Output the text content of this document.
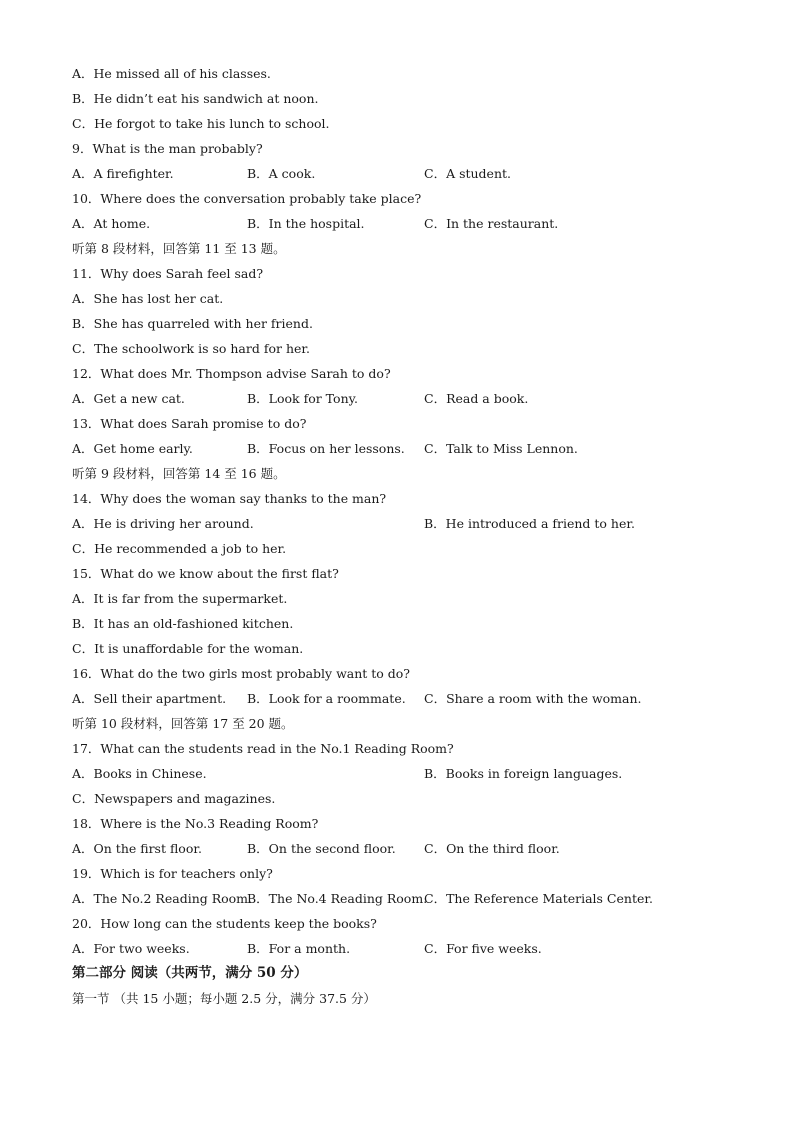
A．He missed all of his classes.
B．He didn’t eat his sandwich at noon.
C．He forgot to take his lunch to school.
9．What is the man probably?
A．A firefighter.	B．A cook.	C．A student.
10．Where does the conversation probably take place?
A．At home.	B．In the hospital.	C．In the restaurant.
听第 8 段材料，回答第 11 至 13 题。
11．Why does Sarah feel sad?
A．She has lost her cat.
B．She has quarreled with her friend.
C．The schoolwork is so hard for her.
12．What does Mr. Thompson advise Sarah to do?
A．Get a new cat.	B．Look for Tony.	C．Read a book.
13．What does Sarah promise to do?
A．Get home early.	B．Focus on her lessons. C．Talk to Miss Lennon.
听第 9 段材料，回答第 14 至 16 题。
14．Why does the woman say thanks to the man?
A．He is driving her around.	B．He introduced a friend to her.
C．He recommended a job to her.
15．What do we know about the first flat?
A．It is far from the supermarket.
B．It has an old-fashioned kitchen.
C．It is unaffordable for the woman.
16．What do the two girls most probably want to do?
A．Sell their apartment. B．Look for a roommate. C．Share a room with the woman.
听第 10 段材料，回答第 17 至 20 题。
17．What can the students read in the No.1 Reading Room?
A．Books in Chinese.	B．Books in foreign languages.
C．Newspapers and magazines.
18．Where is the No.3 Reading Room?
A．On the first floor.	B．On the second floor. C．On the third floor.
19．Which is for teachers only?
A．The No.2 Reading Room.
B．The No.4 Reading Room.
C．The Reference Materials Center.
20．How long can the students keep the books?
A．For two weeks.	B．For a month.	C．For five weeks.
第二部分 阅读（共两节，满分 50 分）
第一节 （共 15 小题；每小题 2.5 分，满分 37.5 分）
